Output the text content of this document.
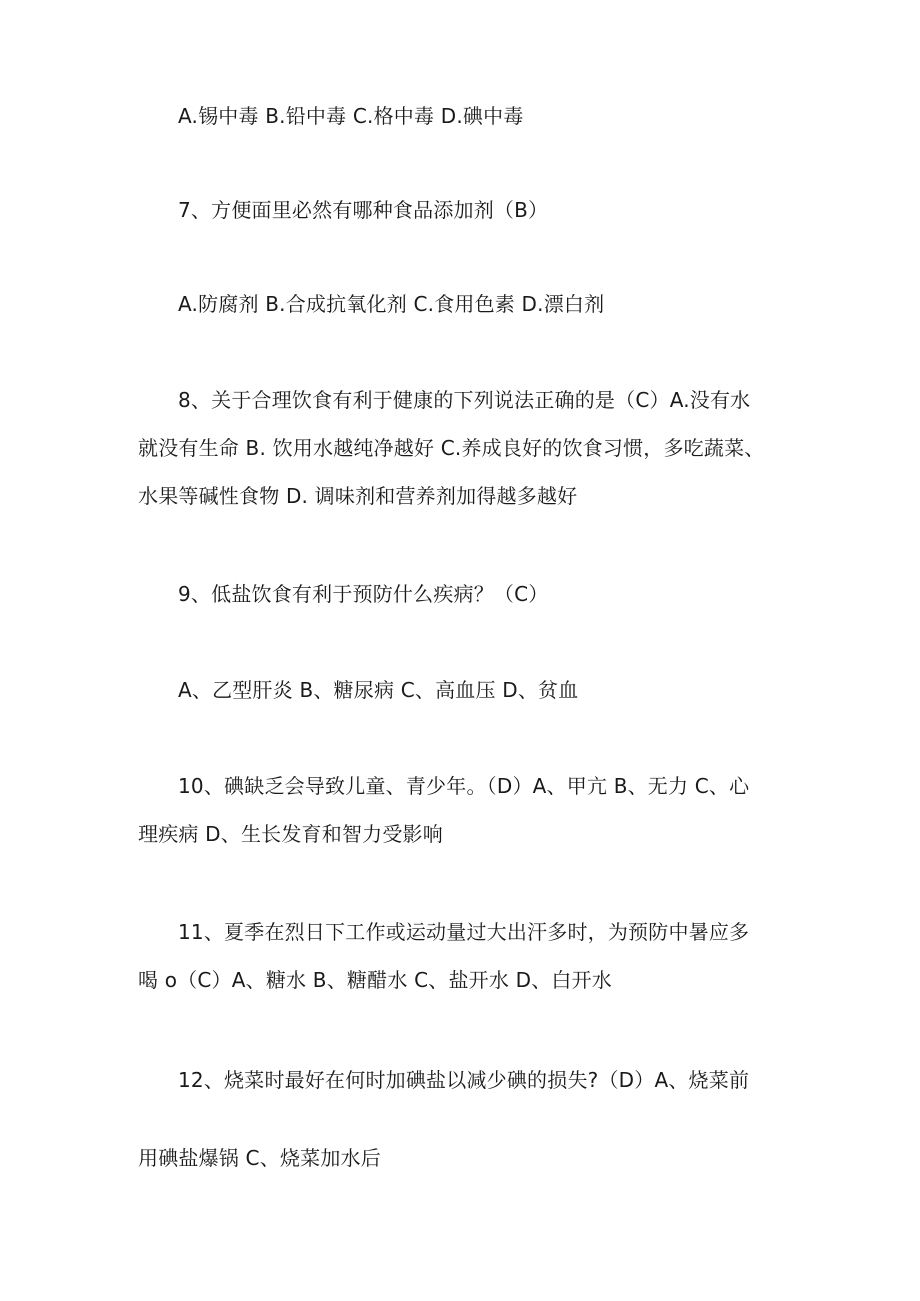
A.锡中毒 B.铅中毒 C.格中毒 D.碘中毒
7、方便面里必然有哪种食品添加剂（B）
A.防腐剂 B.合成抗氧化剂 C.食用色素 D.漂白剂
8、关于合理饮食有利于健康的下列说法正确的是（C）A.没有水
就没有生命 B. 饮用水越纯净越好 C.养成良好的饮食习惯，多吃蔬菜、
水果等碱性食物 D. 调味剂和营养剂加得越多越好
9、低盐饮食有利于预防什么疾病？（C）
A、乙型肝炎 B、糖尿病 C、高血压 D、贫血
10、碘缺乏会导致儿童、青少年。（D）A、甲亢 B、无力 C、心
理疾病 D、生长发育和智力受影响
11、夏季在烈日下工作或运动量过大出汗多时，为预防中暑应多
喝 o（C）A、糖水 B、糖醋水 C、盐开水 D、白开水
12、烧菜时最好在何时加碘盐以减少碘的损失?（D）A、烧菜前
用碘盐爆锅 C、烧菜加水后
